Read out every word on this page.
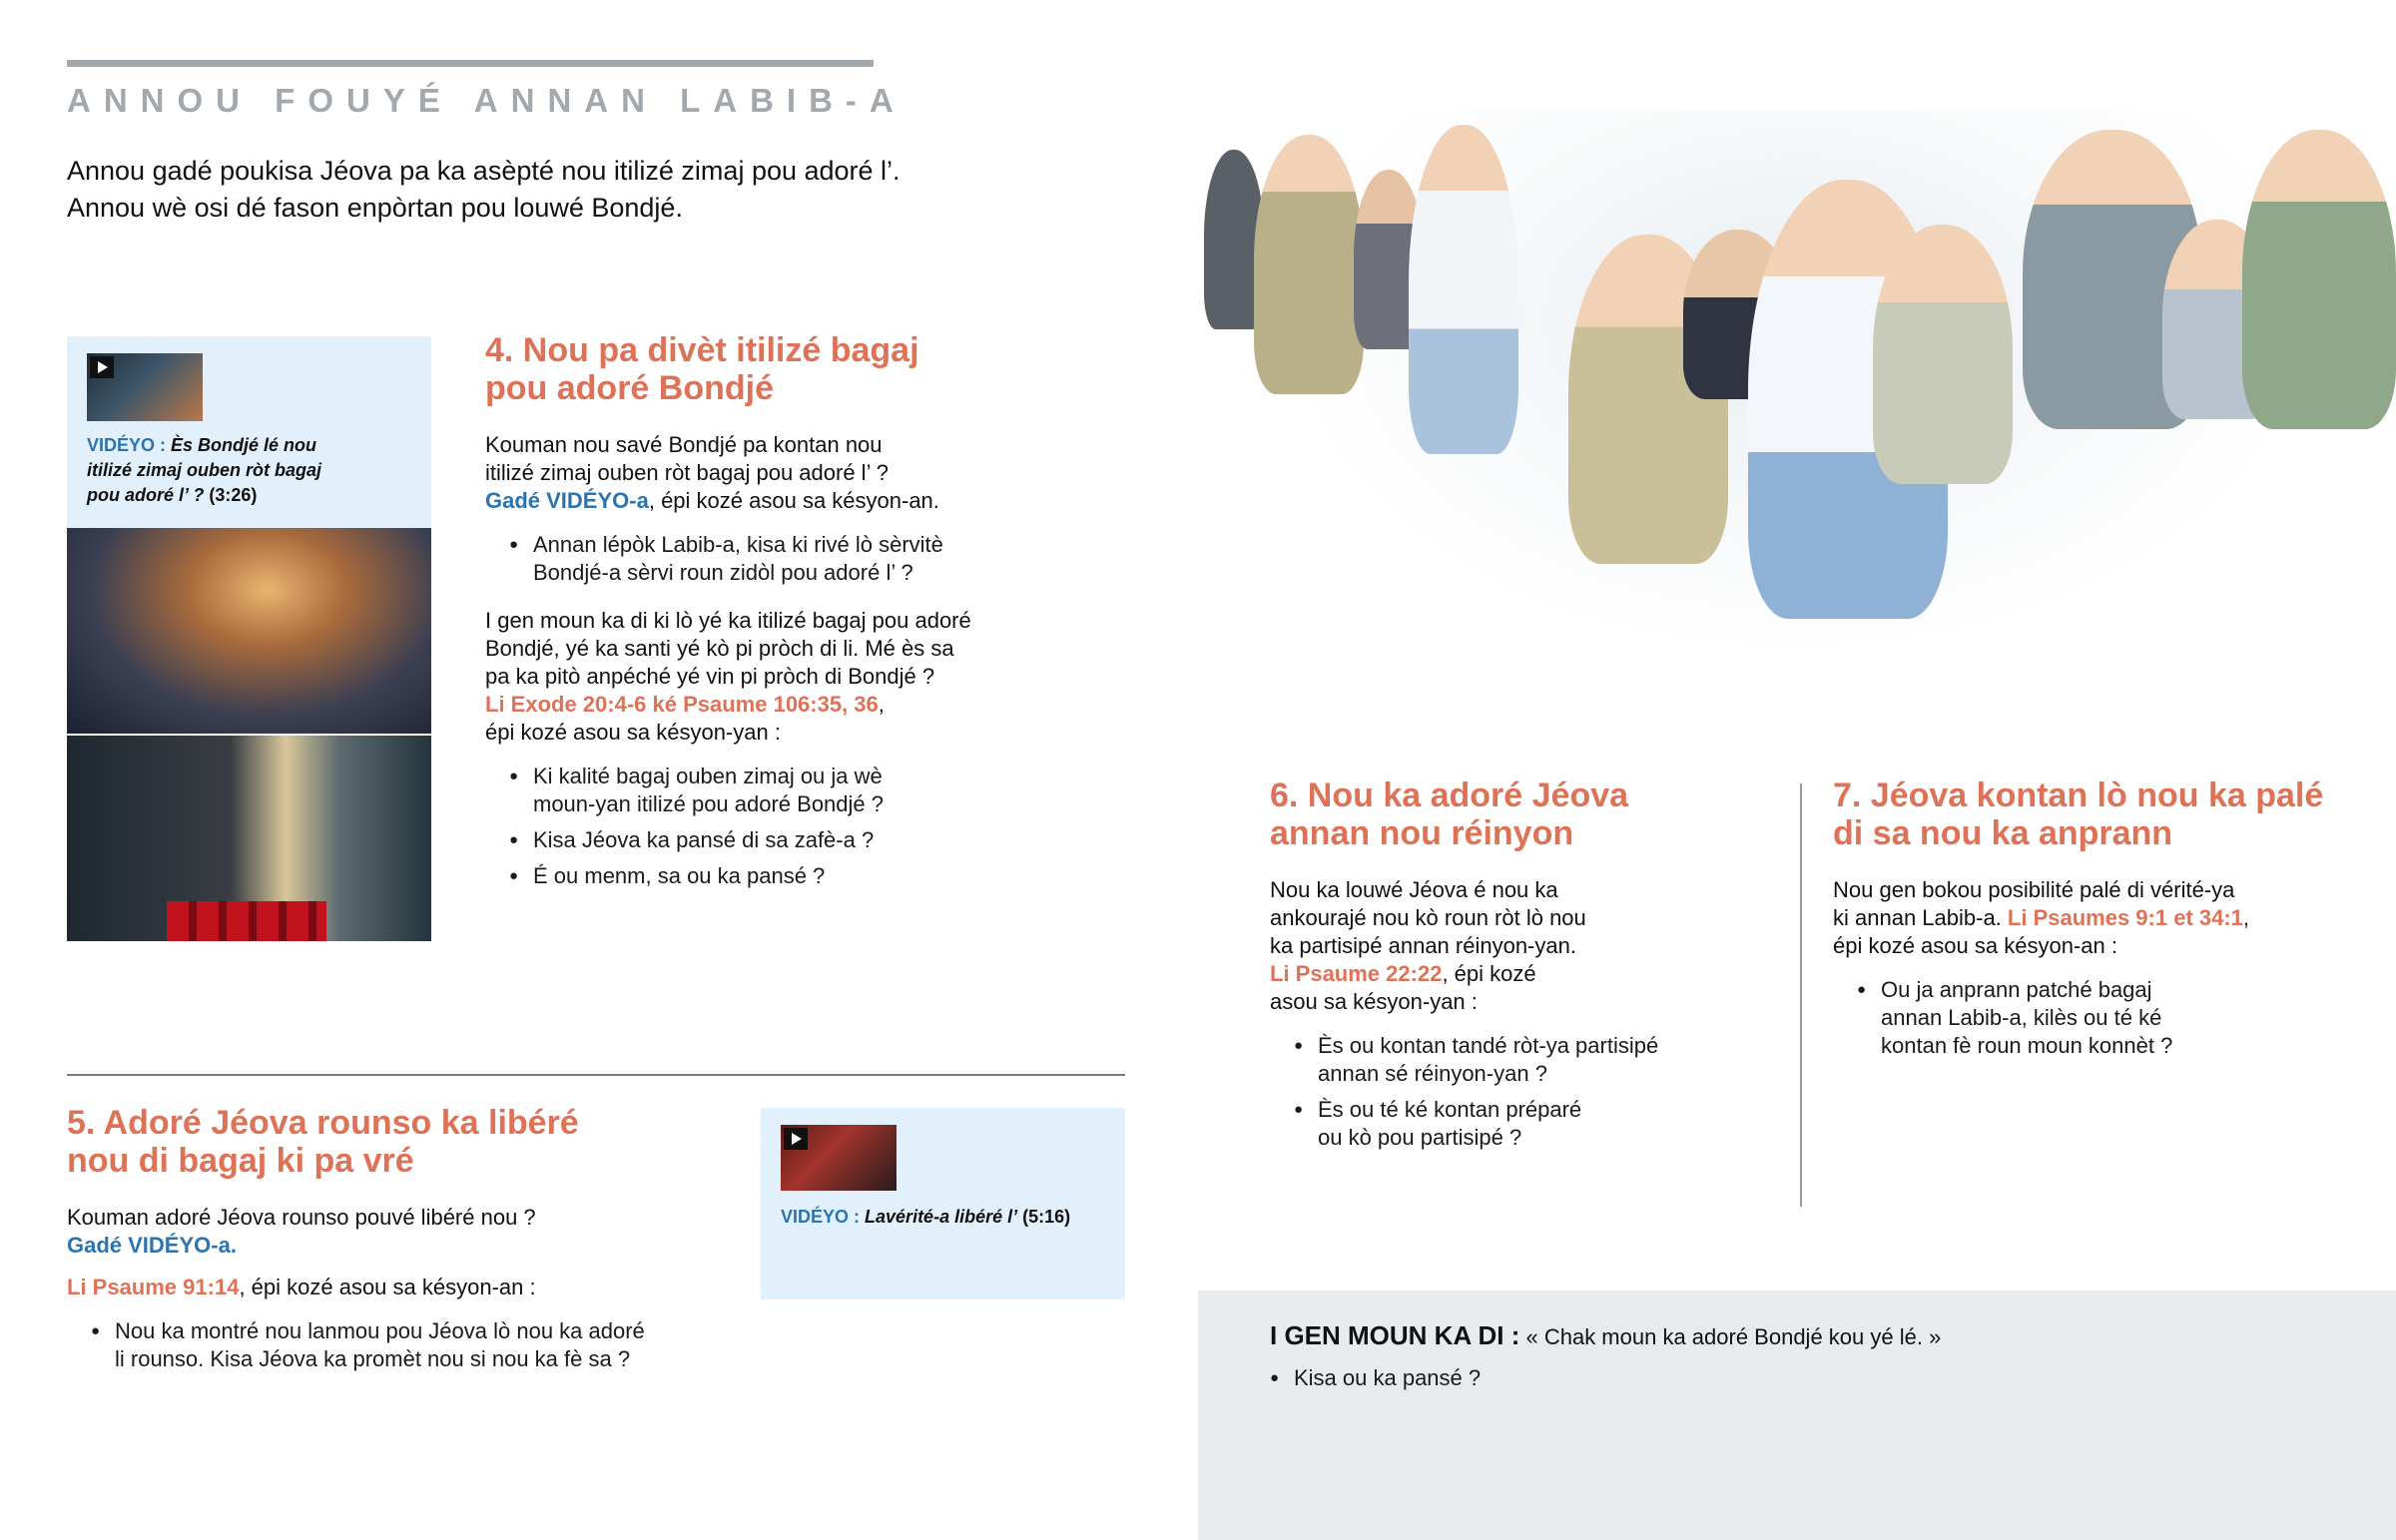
ANNOU FOUYÉ ANNAN LABIB-A
Annou gadé poukisa Jéova pa ka asèpté nou itilizé zimaj pou adoré l’.
Annou wè osi dé fason enpòrtan pou louwé Bondjé.
VIDÉYO : Ès Bondjé lé nou
itilizé zimaj ouben ròt bagaj
pou adoré l’ ? (3:26)
4. Nou pa divèt itilizé bagaj
pou adoré Bondjé
Kouman nou savé Bondjé pa kontan nou
itilizé zimaj ouben ròt bagaj pou adoré l’ ?
Gadé VIDÉYO-a, épi kozé asou sa késyon-an.
● Annan lépòk Labib-a, kisa ki rivé lò sèrvitè
Bondjé-a sèrvi roun zidòl pou adoré l’ ?
I gen moun ka di ki lò yé ka itilizé bagaj pou adoré
Bondjé, yé ka santi yé kò pi pròch di li. Mé ès sa
pa ka pitò anpéché yé vin pi pròch di Bondjé ?
Li Exode 20:4-6 ké Psaume 106:35, 36,
épi kozé asou sa késyon-yan :
● Ki kalité bagaj ouben zimaj ou ja wè
moun-yan itilizé pou adoré Bondjé ?
● Kisa Jéova ka pansé di sa zafè-a ?
● É ou menm, sa ou ka pansé ?
5. Adoré Jéova rounso ka libéré
nou di bagaj ki pa vré
Kouman adoré Jéova rounso pouvé libéré nou ?
Gadé VIDÉYO-a.
Li Psaume 91:14, épi kozé asou sa késyon-an :
● Nou ka montré nou lanmou pou Jéova lò nou ka adoré
li rounso. Kisa Jéova ka promèt nou si nou ka fè sa ?
VIDÉYO : Lavérité-a libéré l’ (5:16)
6. Nou ka adoré Jéova
annan nou réinyon
Nou ka louwé Jéova é nou ka
ankourajé nou kò roun ròt lò nou
ka partisipé annan réinyon-yan.
Li Psaume 22:22, épi kozé
asou sa késyon-yan :
● Ès ou kontan tandé ròt-ya partisipé
annan sé réinyon-yan ?
● Ès ou té ké kontan préparé
ou kò pou partisipé ?
7. Jéova kontan lò nou ka palé
di sa nou ka anprann
Nou gen bokou posibilité palé di vérité-ya
ki annan Labib-a. Li Psaumes 9:1 et 34:1,
épi kozé asou sa késyon-an :
● Ou ja anprann patché bagaj
annan Labib-a, kilès ou té ké
kontan fè roun moun konnèt ?
I GEN MOUN KA DI : « Chak moun ka adoré Bondjé kou yé lé. »
● Kisa ou ka pansé ?
